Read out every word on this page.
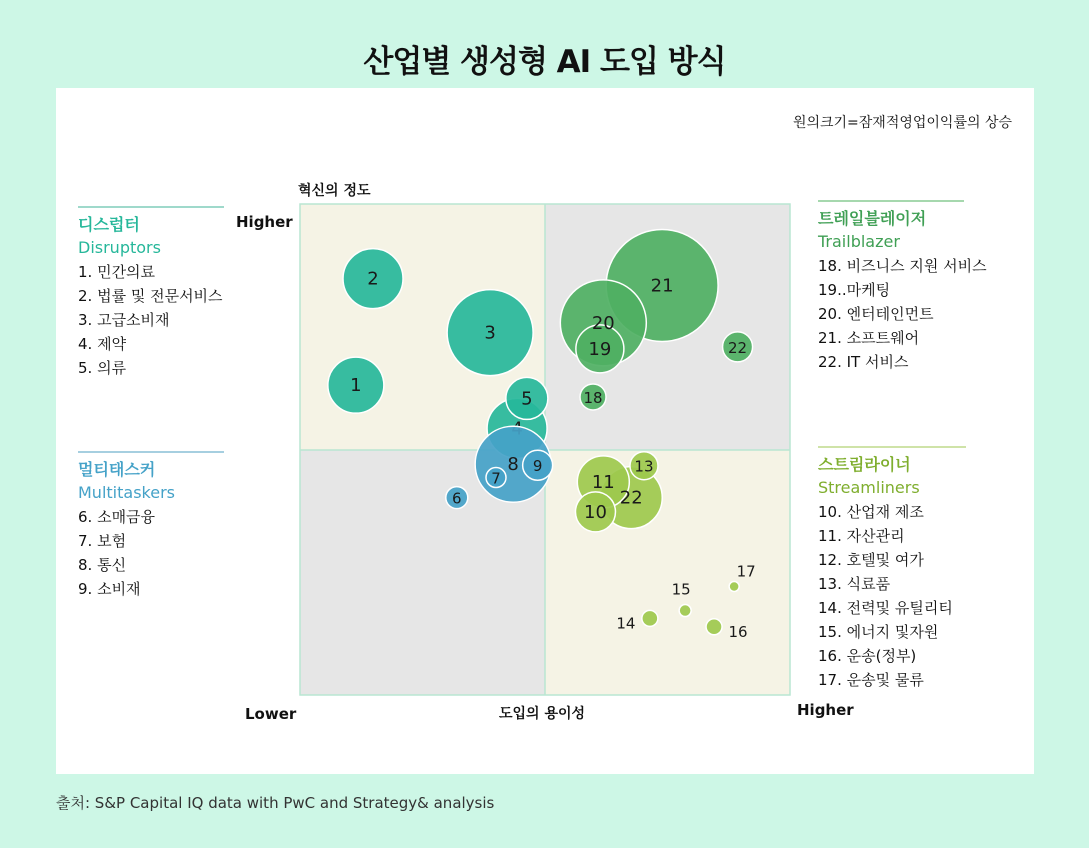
산업별 생성형 AI 도입 방식
원의크기=잠재적영업이익률의 상승
5
1
2
3
7
6
9
8
18
22
19
20
21
17
15
16
14
13
10
11
22
혁신의 정도
Higher
Lower	도입의 용이성	Higher
디스럽터
Disruptors
1. 민간의료
2. 법률 및 전문서비스
3. 고급소비재
4. 제약
5. 의류
멀티태스커
Multitaskers
6. 소매금융
7. 보험
8. 통신
9. 소비재
트레일블레이저
Trailblazer
18. 비즈니스 지원 서비스
19..마케팅
20. 엔터테인먼트
21. 소프트웨어
22. IT 서비스
스트림라이너
Streamliners
10. 산업재 제조
11. 자산관리
12. 호텔및 여가
13. 식료품
14. 전력및 유틸리티
15. 에너지 및자원
16. 운송(정부)
17. 운송및 물류
출처: S&P Capital IQ data with PwC and Strategy& analysis
